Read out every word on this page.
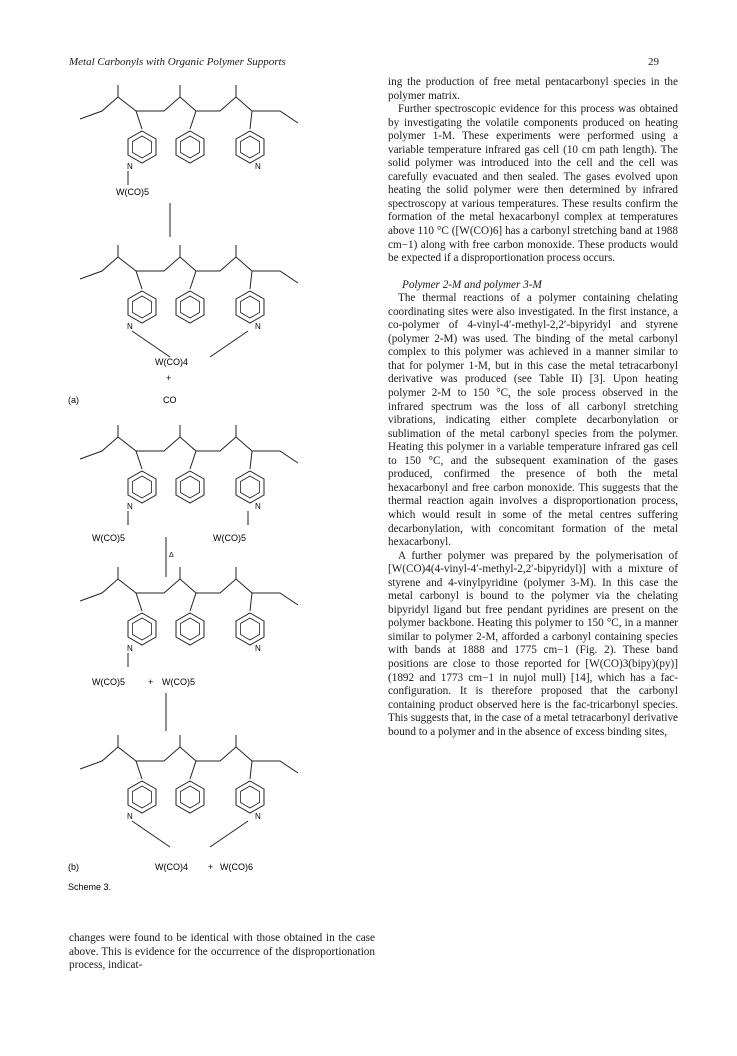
Metal Carbonyls with Organic Polymer Supports	29
N	N
W(CO)5
N	N
W(CO)4
+
(a)	CO
N	N
W(CO)5	W(CO)5
Δ
N	N
W(CO)5	+ W(CO)5
N	N
(b)	W(CO)4 + W(CO)6
Scheme 3.

changes were found to be identical with those obtained in the case above. This is evidence for the occurrence of the disproportionation process, indicat-

ing the production of free metal pentacarbonyl species in the polymer matrix.

Further spectroscopic evidence for this process was obtained by investigating the volatile components produced on heating polymer 1-M. These experiments were performed using a variable temperature infrared gas cell (10 cm path length). The solid polymer was introduced into the cell and the cell was carefully evacuated and then sealed. The gases evolved upon heating the solid polymer were then determined by infrared spectroscopy at various temperatures. These results confirm the formation of the metal hexacarbonyl complex at temperatures above 110 °C ([W(CO)6] has a carbonyl stretching band at 1988 cm−1) along with free carbon monoxide. These products would be expected if a disproportionation process occurs.

Polymer 2-M and polymer 3-M

The thermal reactions of a polymer containing chelating coordinating sites were also investigated. In the first instance, a co-polymer of 4-vinyl-4′-methyl-2,2′-bipyridyl and styrene (polymer 2-M) was used. The binding of the metal carbonyl complex to this polymer was achieved in a manner similar to that for polymer 1-M, but in this case the metal tetracarbonyl derivative was produced (see Table II) [3]. Upon heating polymer 2-M to 150 °C, the sole process observed in the infrared spectrum was the loss of all carbonyl stretching vibrations, indicating either complete decarbonylation or sublimation of the metal carbonyl species from the polymer. Heating this polymer in a variable temperature infrared gas cell to 150 °C, and the subsequent examination of the gases produced, confirmed the presence of both the metal hexacarbonyl and free carbon monoxide. This suggests that the thermal reaction again involves a disproportionation process, which would result in some of the metal centres suffering decarbonylation, with concomitant formation of the metal hexacarbonyl.

A further polymer was prepared by the polymerisation of [W(CO)4(4-vinyl-4′-methyl-2,2′-bipyridyl)] with a mixture of styrene and 4-vinylpyridine (polymer 3-M). In this case the metal carbonyl is bound to the polymer via the chelating bipyridyl ligand but free pendant pyridines are present on the polymer backbone. Heating this polymer to 150 °C, in a manner similar to polymer 2-M, afforded a carbonyl containing species with bands at 1888 and 1775 cm−1 (Fig. 2). These band positions are close to those reported for [W(CO)3(bipy)(py)] (1892 and 1773 cm−1 in nujol mull) [14], which has a fac-configuration. It is therefore proposed that the carbonyl containing product observed here is the fac-tricarbonyl species. This suggests that, in the case of a metal tetracarbonyl derivative bound to a polymer and in the absence of excess binding sites,
